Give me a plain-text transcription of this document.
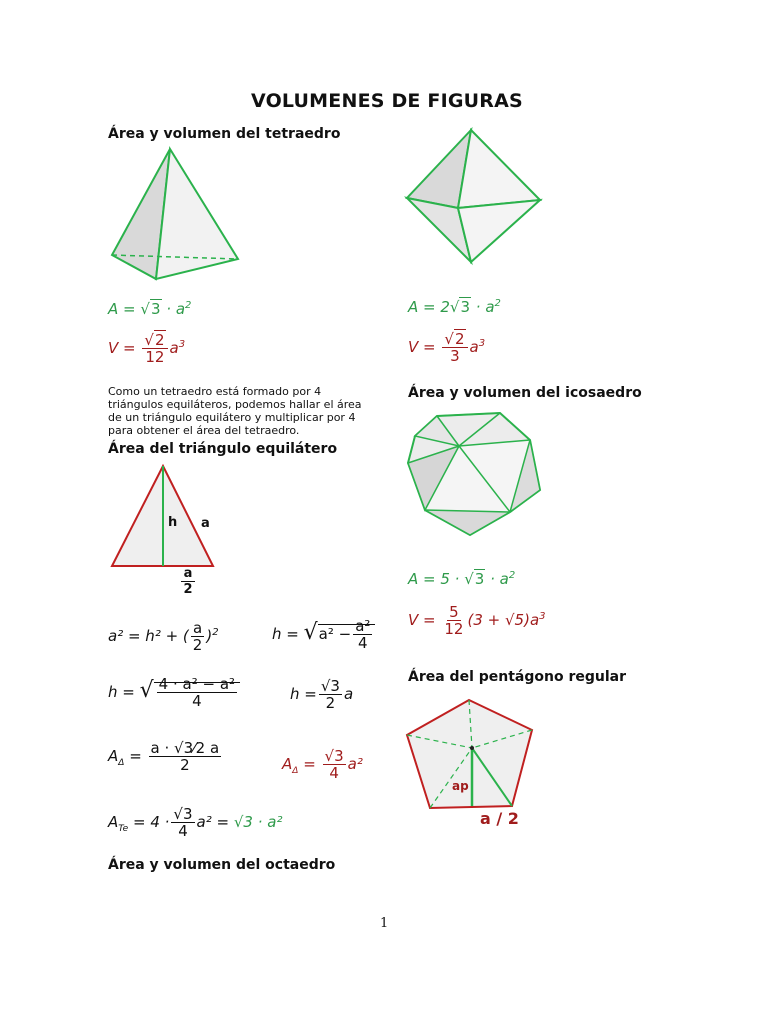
VOLUMENES DE FIGURAS
Área y volumen del tetraedro
$A = √3 \cdot a^2$
$V = \frac{√2}{12} a^3$
Como un tetraedro está formado por 4 triángulos equiláteros, podemos hallar el área de un triángulo equilátero y multiplicar por 4 para obtener el área del tetraedro.
Área del triángulo equilátero
h a
a
2
a² = h² + ( $\frac{a}{2} )^2$	$h = √a^2 - \frac{\text{a²}}{4}$
h = √ $\frac{\text{4 · a² − a²}}{4}$	$h = \frac{√3}{2}$ a
$A_\Delta = \frac{a \cdot √3⁄2 a}{2}$	$A_\Delta = \frac{√3}{4} a^2$
$A_{Te} = 4 \cdot \frac{√3}{4} a^2 = √3 \cdot a^2$
Área y volumen del octaedro
$A = 2√3 \cdot a^2$
$V = \frac{√2}{3} a^3$
Área y volumen del icosaedro
$A = 5 \cdot √3 \cdot a^2$
$V = \frac{5}{12} (3 + √5)a^3$
Área del pentágono regular
ap
a / 2
1
